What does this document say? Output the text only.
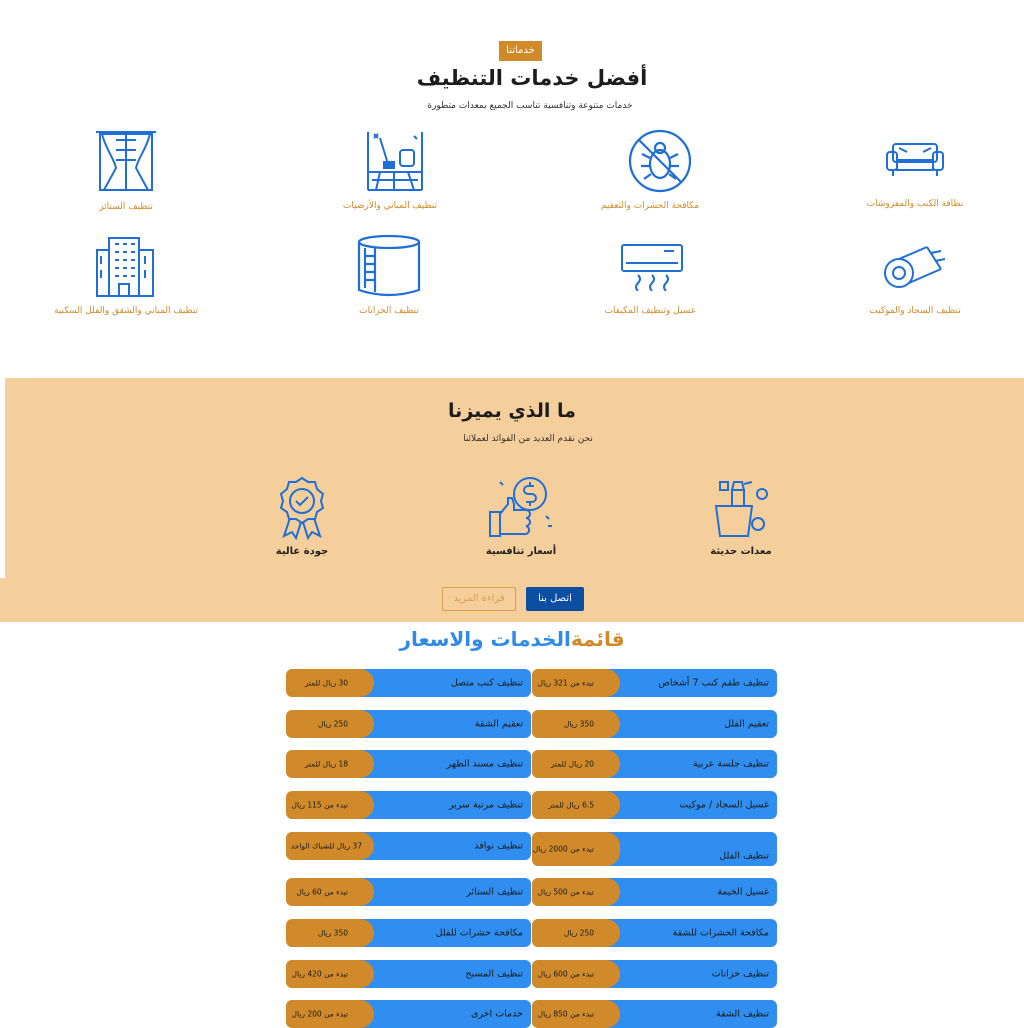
خدماتنا
أفضل خدمات التنظيف
خدمات متنوعة وتنافسية تناسب الجميع بمعدات متطورة
نظافة الكنب والمفروشات
مكافحة الحشرات والتعقيم
تنظيف المباني والأرضيات
تنظيف الستائر
تنظيف السجاد والموكيت
غسيل وتنظيف المكيفات
تنظيف الخزانات
تنظيف المباني والشقق والفلل السكنية
ما الذي يميزنا
نحن نقدم العديد من الفوائد لعملائنا
معدات حديثة
أسعار تنافسية
جودة عالية
اتصل بنا
قراءة المزيد
قائمةالخدمات والاسعار
تنظيف طقم كنب 7 أشخاص
تبدء من 321 ريال
تعقيم الفلل
350 ريال
تنظيف جلسة عربية
20 ريال للمتر
غسيل السجاد / موكيت
6.5 ريال للمتر
تنظيف الفلل
تبدء من 2000 ريال
غسيل الخيمة
تبدء من 500 ريال
مكافحة الحشرات للشقة
250 ريال
تنظيف خزانات
تبدء من 600 ريال
تنظيف الشقة
تبدء من 850 ريال
تنظيف كنب متصل
30 ريال للمتر
تعقيم الشقة
250 ريال
تنظيف مسند الظهر
18 ريال للمتر
تنظيف مرتبة سرير
تبدء من 115 ريال
تنظيف نوافذ
37 ريال للشباك الواحد
تنظيف الستائر
تبدء من 60 ريال
مكافحة حشرات للفلل
350 ريال
تنظيف المسبح
تبدء من 420 ريال
خدمات اخرى
تبدء من 200 ريال
